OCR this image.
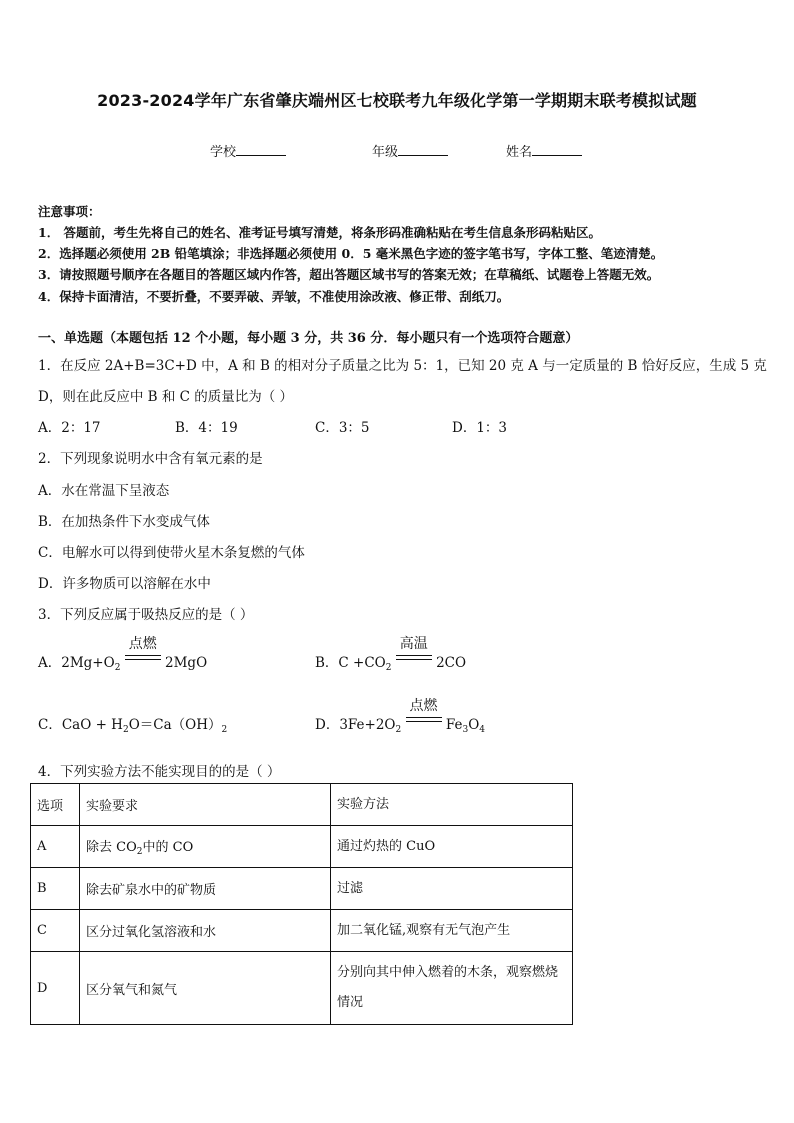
2023-2024学年广东省肇庆端州区七校联考九年级化学第一学期期末联考模拟试题
学校	年级	姓名
注意事项：
1． 答题前，考生先将自己的姓名、准考证号填写清楚，将条形码准确粘贴在考生信息条形码粘贴区。
2．选择题必须使用 2B 铅笔填涂；非选择题必须使用 0．5 毫米黑色字迹的签字笔书写，字体工整、笔迹清楚。
3．请按照题号顺序在各题目的答题区域内作答，超出答题区域书写的答案无效；在草稿纸、试题卷上答题无效。
4．保持卡面清洁，不要折叠，不要弄破、弄皱，不准使用涂改液、修正带、刮纸刀。
一、单选题（本题包括 12 个小题，每小题 3 分，共 36 分．每小题只有一个选项符合题意）
1．在反应 2A+B=3C+D 中，A 和 B 的相对分子质量之比为 5：1，已知 20 克 A 与一定质量的 B 恰好反应，生成 5 克
D，则在此反应中 B 和 C 的质量比为（ ）
A．2：17	B．4：19	C．3：5	D．1：3
2．下列现象说明水中含有氧元素的是
A．水在常温下呈液态
B．在加热条件下水变成气体
C．电解水可以得到使带火星木条复燃的气体
D．许多物质可以溶解在水中
3．下列反应属于吸热反应的是（ ）
A．$2Mg+O_2$
点燃
2MgO	B．$C +CO_2$
高温
2CO
C．CaO + $H_2O=Ca(OH)_2$	D．$3Fe+2O_2$
点燃
$Fe_3O_4$
4．下列实验方法不能实现目的的是（ ）
选项	实验要求	实验方法
A	除去 $CO_2$中的 CO	通过灼热的 CuO
B	除去矿泉水中的矿物质	过滤
C	区分过氧化氢溶液和水	加二氧化锰,观察有无气泡产生
D	区分氧气和氮气	分别向其中伸入燃着的木条，观察燃烧情况
